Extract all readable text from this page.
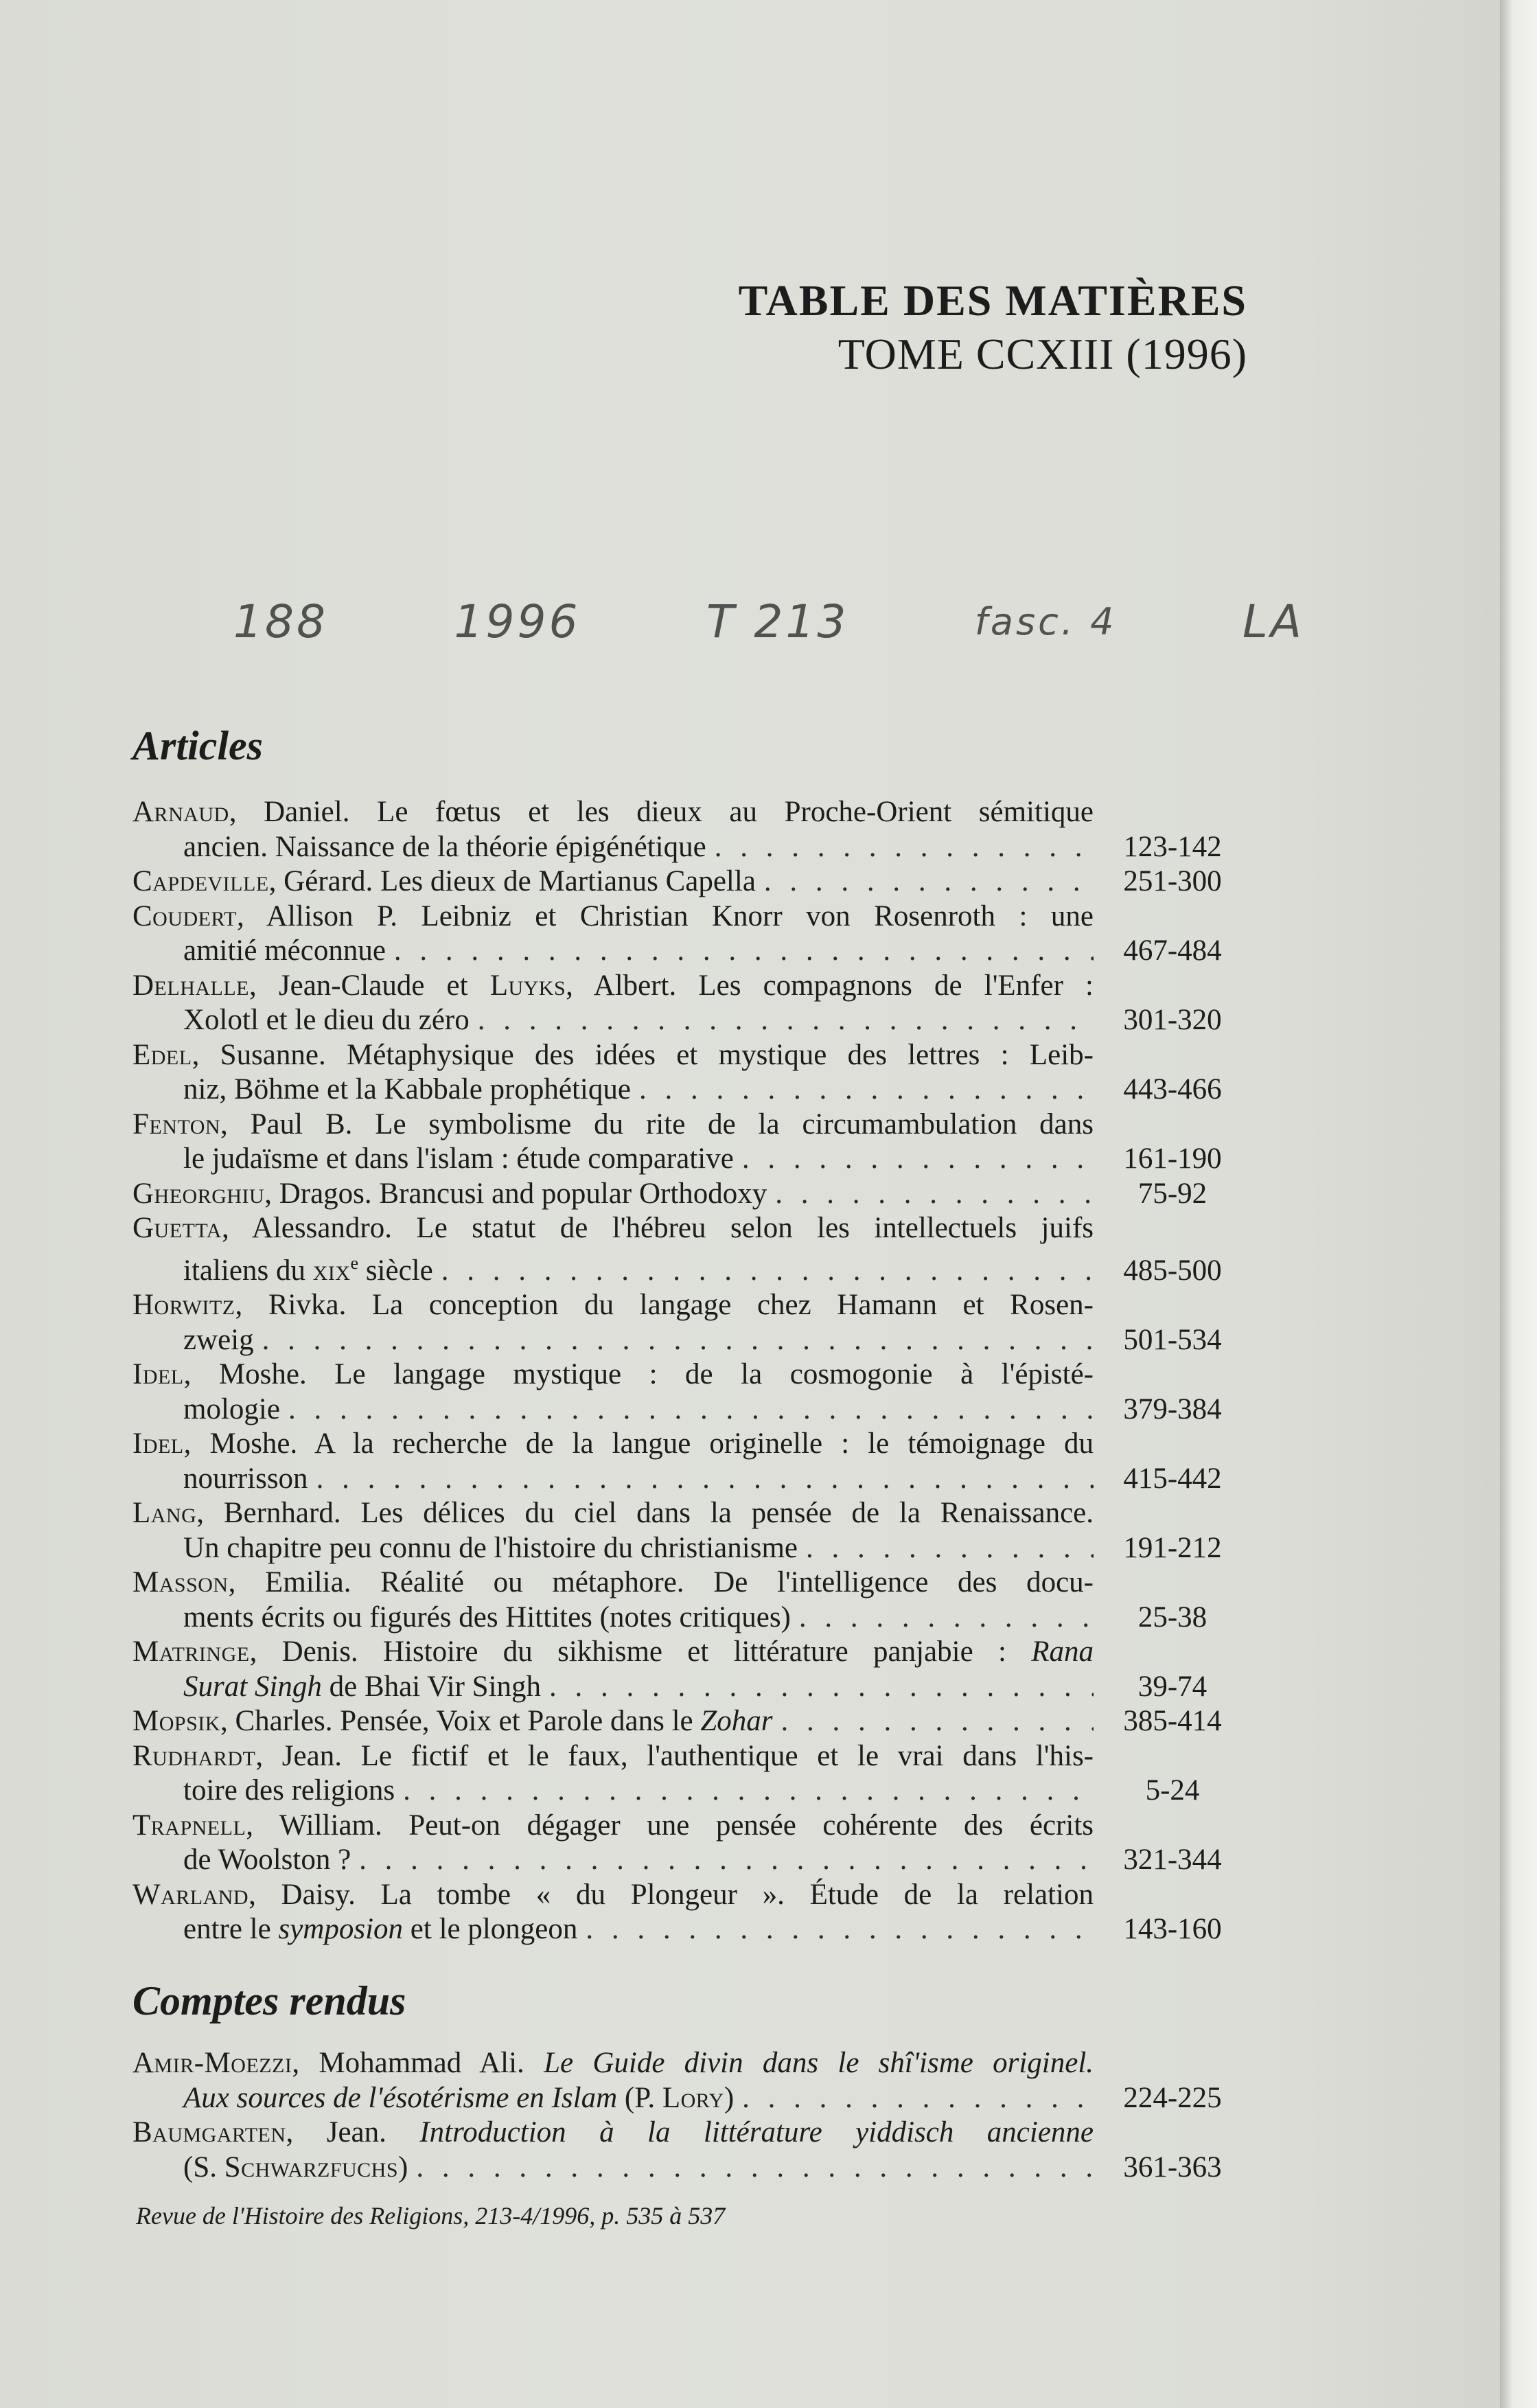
TABLE DES MATIÈRES
TOME CCXIII (1996)
188	1996	T 213	fasc. 4	LA
Articles
Arnaud, Daniel. Le fœtus et les dieux au Proche-Orient sémitique
ancien. Naissance de la théorie épigénétique . . .	123-142
Capdeville, Gérard. Les dieux de Martianus Capella . . .	251-300
Coudert, Allison P. Leibniz et Christian Knorr von Rosenroth : une
amitié méconnue . . .	467-484
Delhalle, Jean-Claude et Luyks, Albert. Les compagnons de l'Enfer :
Xolotl et le dieu du zéro . . .	301-320
Edel, Susanne. Métaphysique des idées et mystique des lettres : Leib-
niz, Böhme et la Kabbale prophétique . . .	443-466
Fenton, Paul B. Le symbolisme du rite de la circumambulation dans
le judaïsme et dans l'islam : étude comparative . . .	161-190
Gheorghiu, Dragos. Brancusi and popular Orthodoxy . . .	75-92
Guetta, Alessandro. Le statut de l'hébreu selon les intellectuels juifs
italiens du xix$^e$ siècle . . .	485-500
Horwitz, Rivka. La conception du langage chez Hamann et Rosen-
zweig . . .	501-534
Idel, Moshe. Le langage mystique : de la cosmogonie à l'épisté-
mologie . . .	379-384
Idel, Moshe. A la recherche de la langue originelle : le témoignage du
nourrisson . . .	415-442
Lang, Bernhard. Les délices du ciel dans la pensée de la Renaissance.
Un chapitre peu connu de l'histoire du christianisme . . .	191-212
Masson, Emilia. Réalité ou métaphore. De l'intelligence des docu-
ments écrits ou figurés des Hittites (notes critiques) . . .	25-38
Matringe, Denis. Histoire du sikhisme et littérature panjabie : Rana
Surat Singh de Bhai Vir Singh . . .	39-74
Mopsik, Charles. Pensée, Voix et Parole dans le Zohar . . .	385-414
Rudhardt, Jean. Le fictif et le faux, l'authentique et le vrai dans l'his-
toire des religions . . .	5-24
Trapnell, William. Peut-on dégager une pensée cohérente des écrits
de Woolston ? . . .	321-344
Warland, Daisy. La tombe « du Plongeur ». Étude de la relation
entre le symposion et le plongeon . . .	143-160
Comptes rendus
Amir-Moezzi, Mohammad Ali. Le Guide divin dans le shî'isme originel.
Aux sources de l'ésotérisme en Islam (P. Lory) . . .	224-225
Baumgarten, Jean. Introduction à la littérature yiddisch ancienne
(S. Schwarzfuchs) . . .	361-363
Revue de l'Histoire des Religions, 213-4/1996, p. 535 à 537
